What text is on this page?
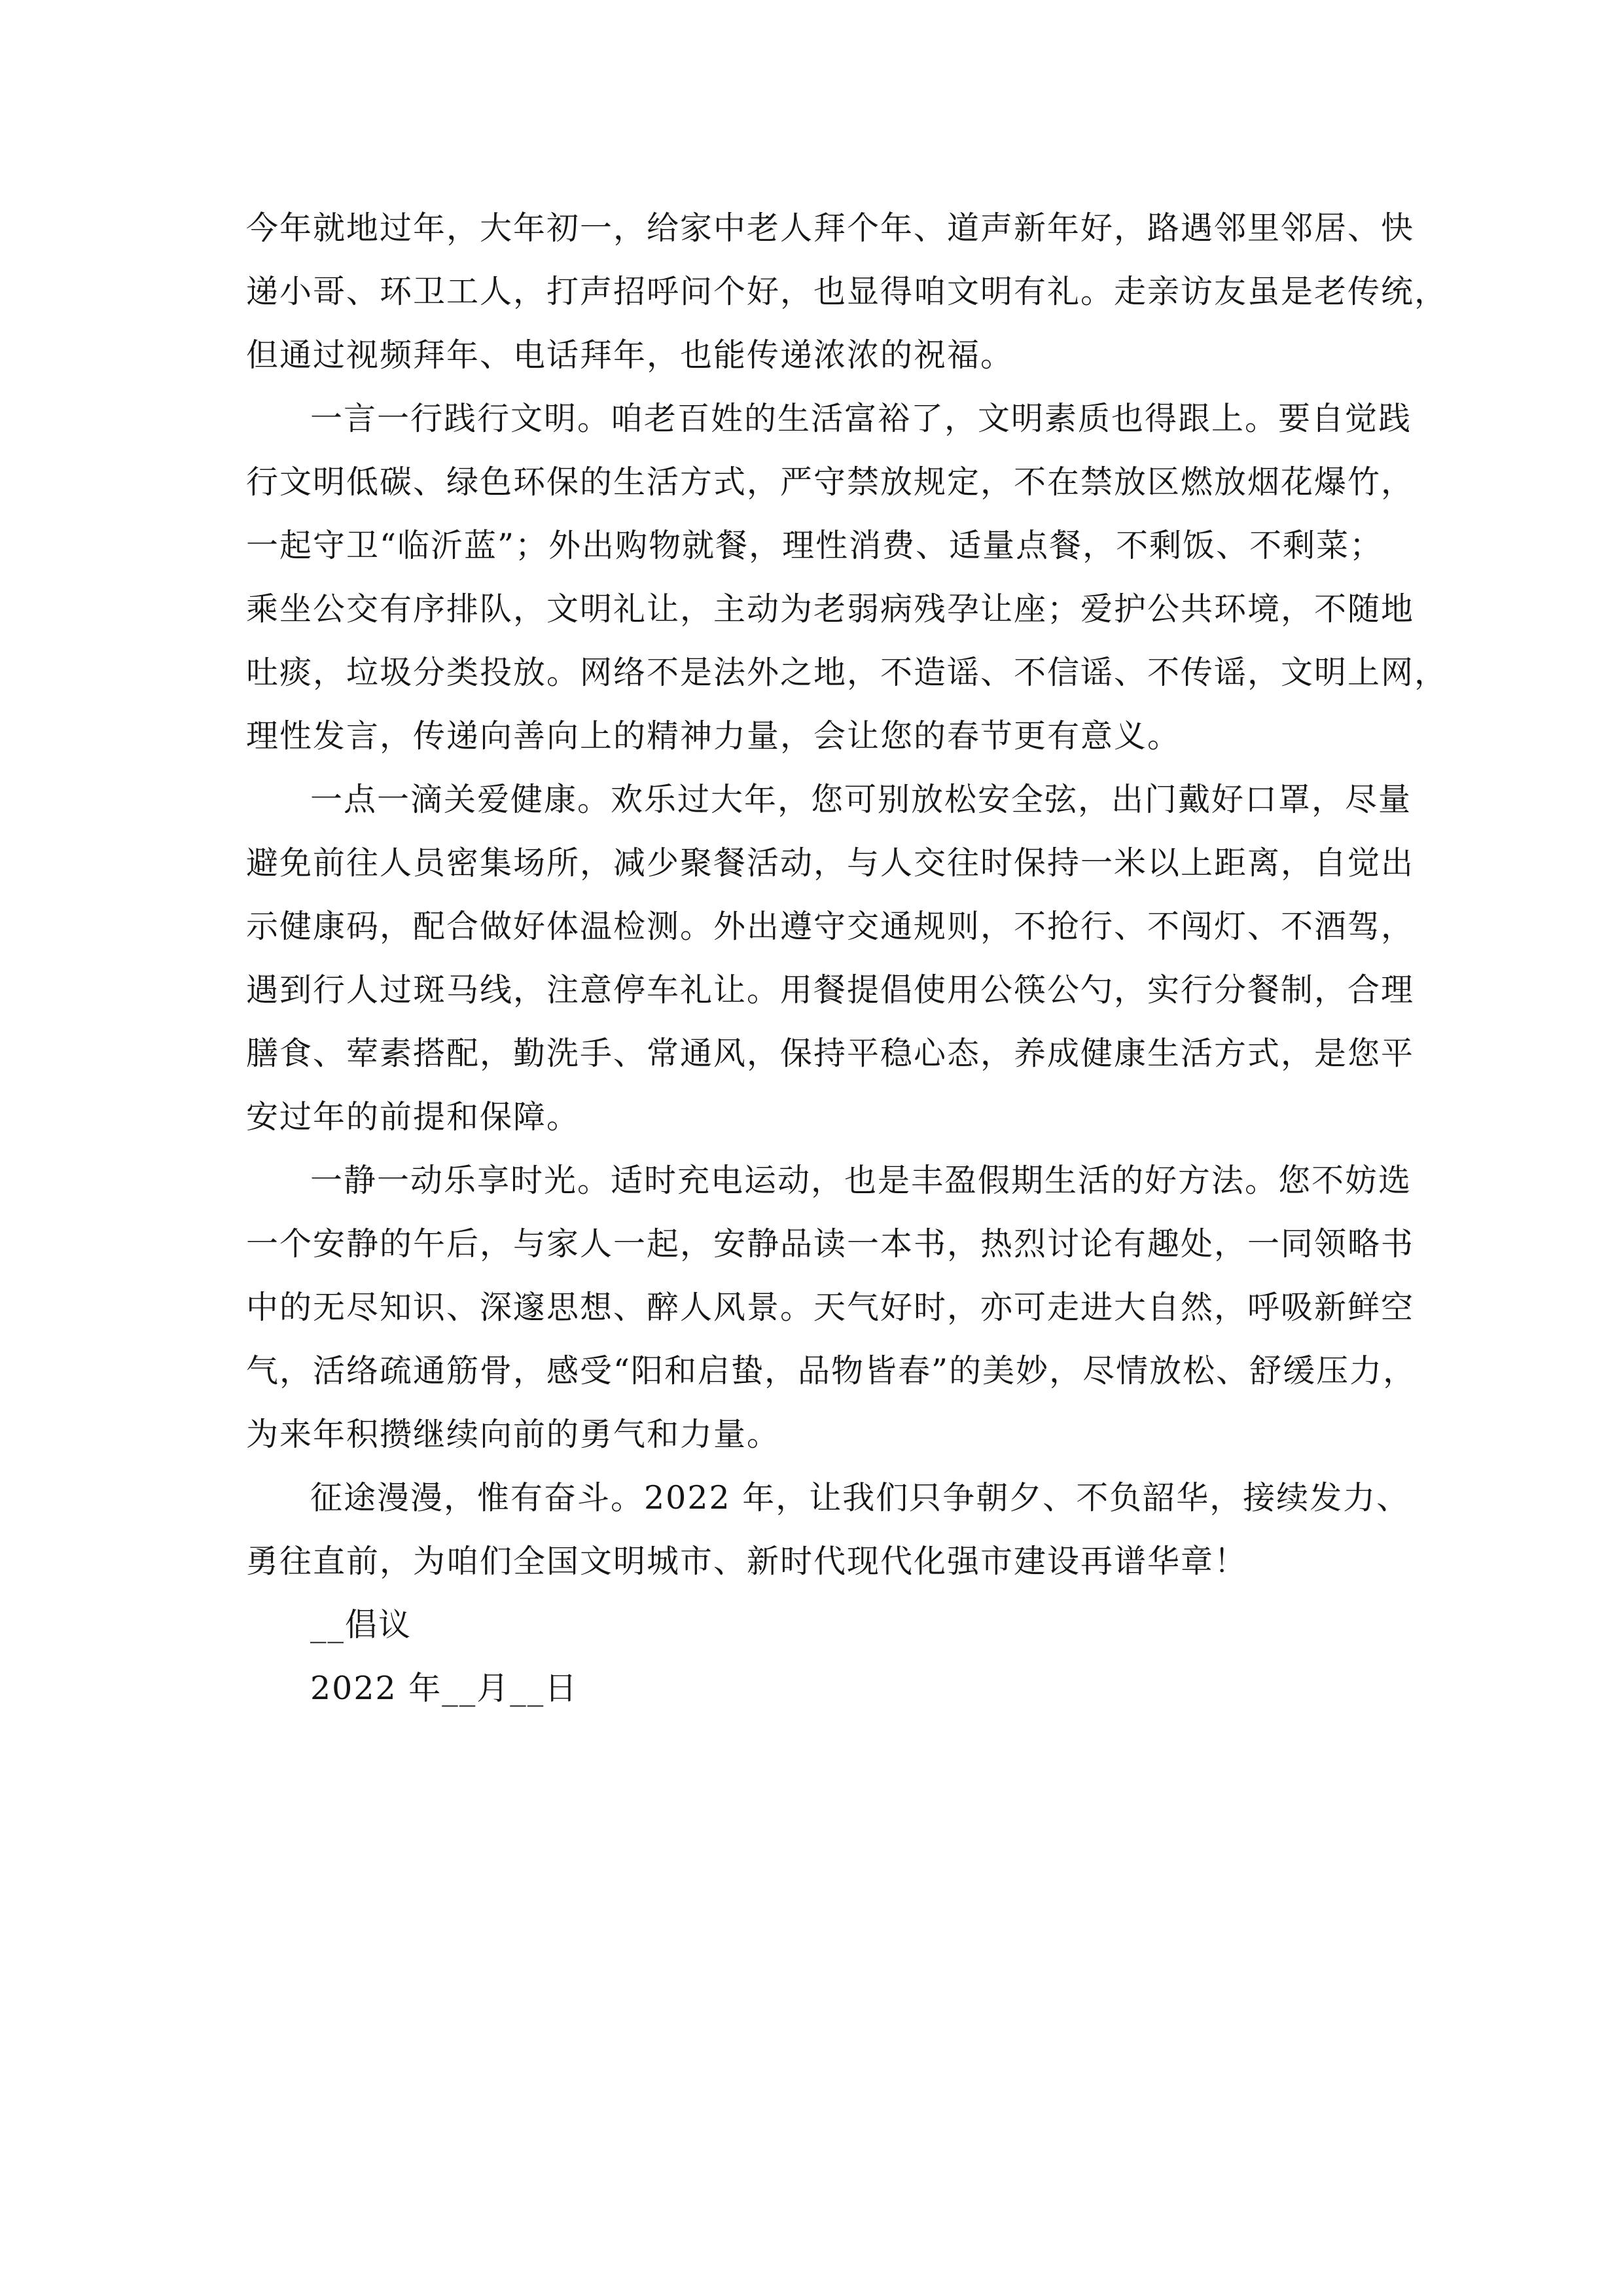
今年就地过年，大年初一，给家中老人拜个年、道声新年好，路遇邻里邻居、快
递小哥、环卫工人，打声招呼问个好，也显得咱文明有礼。走亲访友虽是老传统，
但通过视频拜年、电话拜年，也能传递浓浓的祝福。
一言一行践行文明。咱老百姓的生活富裕了，文明素质也得跟上。要自觉践
行文明低碳、绿色环保的生活方式，严守禁放规定，不在禁放区燃放烟花爆竹，
一起守卫“临沂蓝”；外出购物就餐，理性消费、适量点餐，不剩饭、不剩菜；
乘坐公交有序排队，文明礼让，主动为老弱病残孕让座；爱护公共环境，不随地
吐痰，垃圾分类投放。网络不是法外之地，不造谣、不信谣、不传谣，文明上网，
理性发言，传递向善向上的精神力量，会让您的春节更有意义。
一点一滴关爱健康。欢乐过大年，您可别放松安全弦，出门戴好口罩，尽量
避免前往人员密集场所，减少聚餐活动，与人交往时保持一米以上距离，自觉出
示健康码，配合做好体温检测。外出遵守交通规则，不抢行、不闯灯、不酒驾，
遇到行人过斑马线，注意停车礼让。用餐提倡使用公筷公勺，实行分餐制，合理
膳食、荤素搭配，勤洗手、常通风，保持平稳心态，养成健康生活方式，是您平
安过年的前提和保障。
一静一动乐享时光。适时充电运动，也是丰盈假期生活的好方法。您不妨选
一个安静的午后，与家人一起，安静品读一本书，热烈讨论有趣处，一同领略书
中的无尽知识、深邃思想、醉人风景。天气好时，亦可走进大自然，呼吸新鲜空
气，活络疏通筋骨，感受“阳和启蛰，品物皆春”的美妙，尽情放松、舒缓压力，
为来年积攒继续向前的勇气和力量。
征途漫漫，惟有奋斗。2022 年，让我们只争朝夕、不负韶华，接续发力、
勇往直前，为咱们全国文明城市、新时代现代化强市建设再谱华章！
__倡议
2022 年__月__日
